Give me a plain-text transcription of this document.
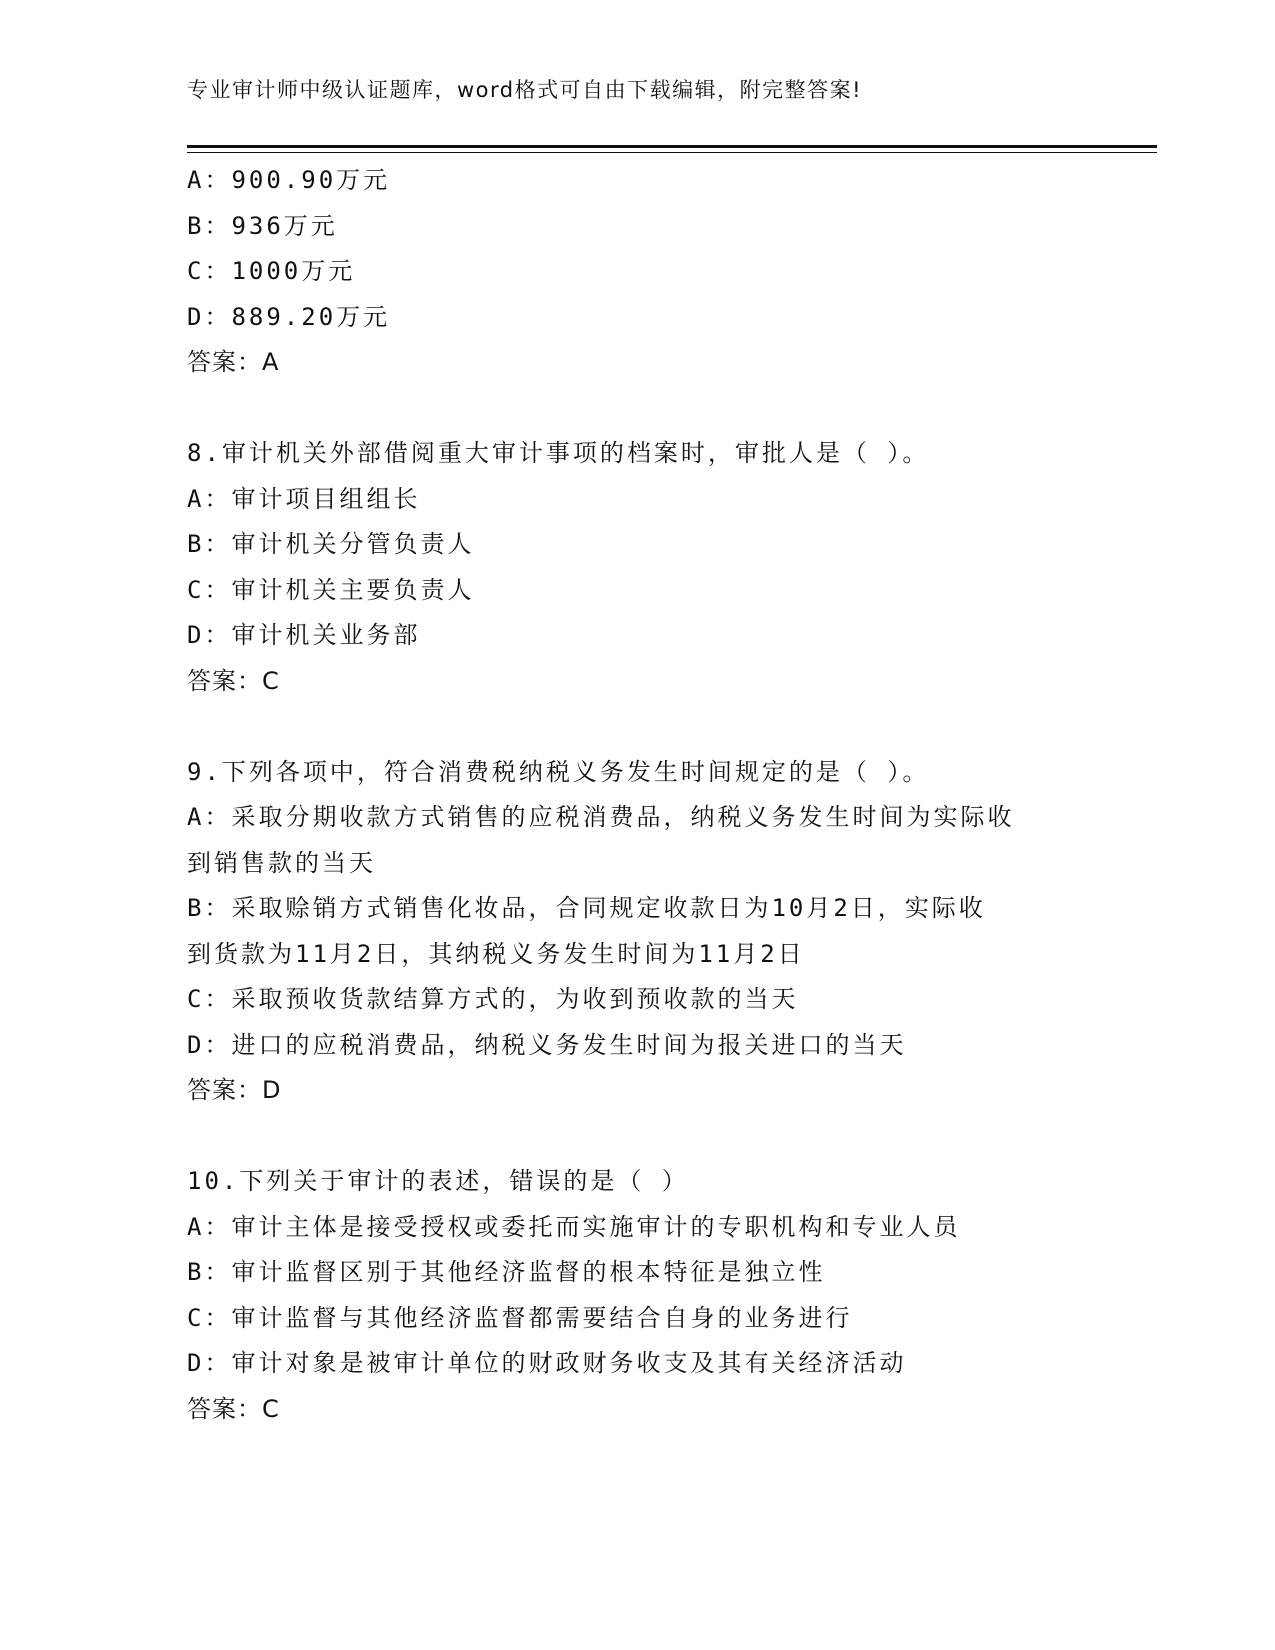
专业审计师中级认证题库，word格式可自由下载编辑，附完整答案!
A：900.90万元
B：936万元
C：1000万元
D：889.20万元
答案：A
8.审计机关外部借阅重大审计事项的档案时，审批人是（ ）。
A：审计项目组组长
B：审计机关分管负责人
C：审计机关主要负责人
D：审计机关业务部
答案：C
9.下列各项中，符合消费税纳税义务发生时间规定的是（ ）。
A：采取分期收款方式销售的应税消费品，纳税义务发生时间为实际收
到销售款的当天
B：采取赊销方式销售化妆品，合同规定收款日为10月2日，实际收
到货款为11月2日，其纳税义务发生时间为11月2日
C：采取预收货款结算方式的，为收到预收款的当天
D：进口的应税消费品，纳税义务发生时间为报关进口的当天
答案：D
10.下列关于审计的表述，错误的是（ ）
A：审计主体是接受授权或委托而实施审计的专职机构和专业人员
B：审计监督区别于其他经济监督的根本特征是独立性
C：审计监督与其他经济监督都需要结合自身的业务进行
D：审计对象是被审计单位的财政财务收支及其有关经济活动
答案：C
